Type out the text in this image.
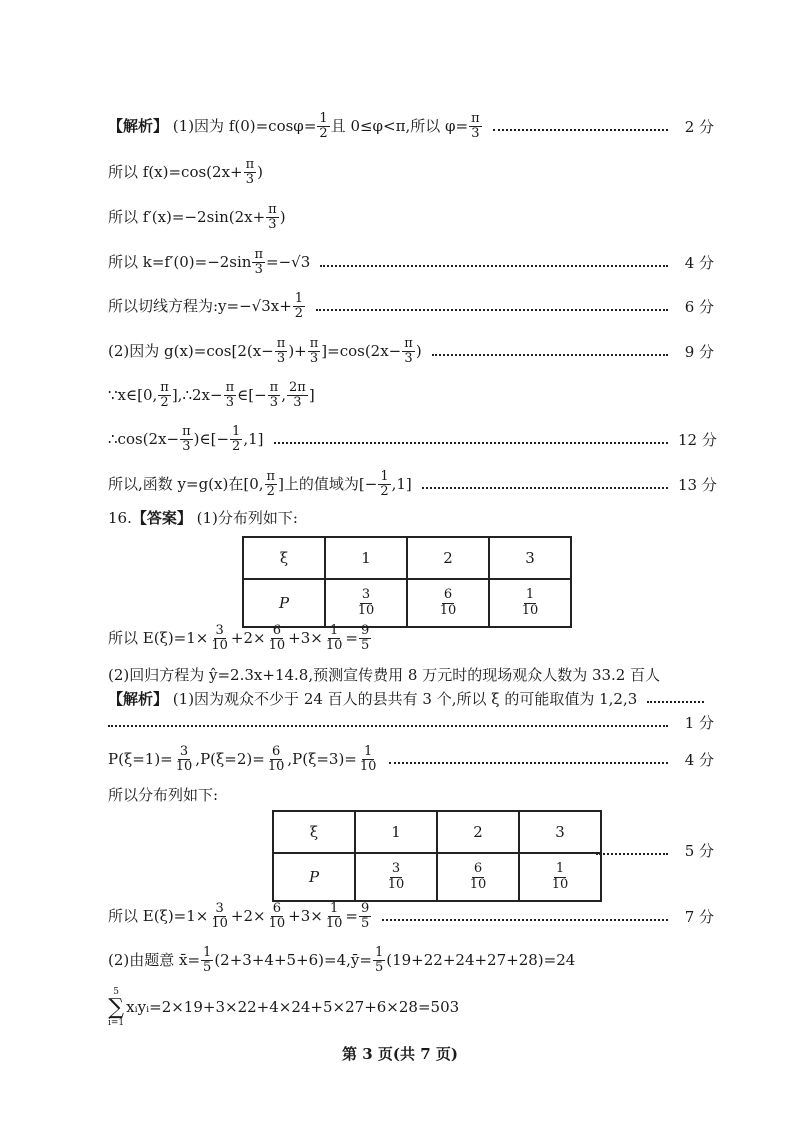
【解析】 (1)因为 $f(0)=\cos\varphi= \frac{1}{2}$ 且 0≤φ<π,所以 $\varphi= \frac{\pi}{3}$	2 分
所以 $f(x)=\cos(2x+ \frac{\pi}{3}$ )
所以 $f'(x)=-2\sin(2x+ \frac{\pi}{3}$ )
所以 $k=f'(0)=-2\sin \frac{\pi}{3} =-√3$	4 分
所以切线方程为:y=−√3x+ $\frac{1}{2}$	6 分
(2)因为 $g(x)=\cos[2(x- \frac{\pi}{3}$ )+ $\frac{\pi}{3} ]=\cos(2x- \frac{\pi}{3}$ )	9 分
∵x∈[0, $\frac{\pi}{2}$ ],∴2x− $\frac{\pi}{3}$ ∈[− $\frac{\pi}{3}$ , $\frac{2\pi}{3}$ ]
∴cos(2x− $\frac{\pi}{3}$ )∈[− $\frac{1}{2} ,1$]	12 分
所以,函数 y=g(x)在[0, $\frac{\pi}{2}$ ]上的值域为[− $\frac{1}{2} ,1$]	13 分
16.【答案】 (1)分布列如下:
ξ	1	2	3
P	$\frac{3}{10}$	$\frac{6}{10}$	$\frac{1}{10}$
所以 $E(\xi)=1\times \frac{3}{10} +2\times \frac{6}{10} +3\times \frac{1}{10} = \frac{9}{5}$
(2)回归方程为 ŷ=2.3x+14.8,预测宣传费用 8 万元时的现场观众人数为 33.2 百人
【解析】 (1)因为观众不少于 24 百人的县共有 3 个,所以 ξ 的可能取值为 1,2,3
1 分
$P(\xi=1)= \frac{3}{10} ,P(\xi=2)= \frac{6}{10} ,P(\xi=3)= \frac{1}{10}$	4 分
所以分布列如下:
ξ	1	2	3
P	$\frac{3}{10}$	$\frac{6}{10}$	$\frac{1}{10}$
5 分
所以 $E(\xi)=1\times \frac{3}{10} +2\times \frac{6}{10} +3\times \frac{1}{10} = \frac{9}{5}$	7 分
(2)由题意 x̄= $\frac{1}{5}$ (2+3+4+5+6)=4,ȳ= $\frac{1}{5} (19+22+24+27+28)=24$
5
∑
i=1
xᵢyᵢ=2×19+3×22+4×24+5×27+6×28=503
第 3 页(共 7 页)
